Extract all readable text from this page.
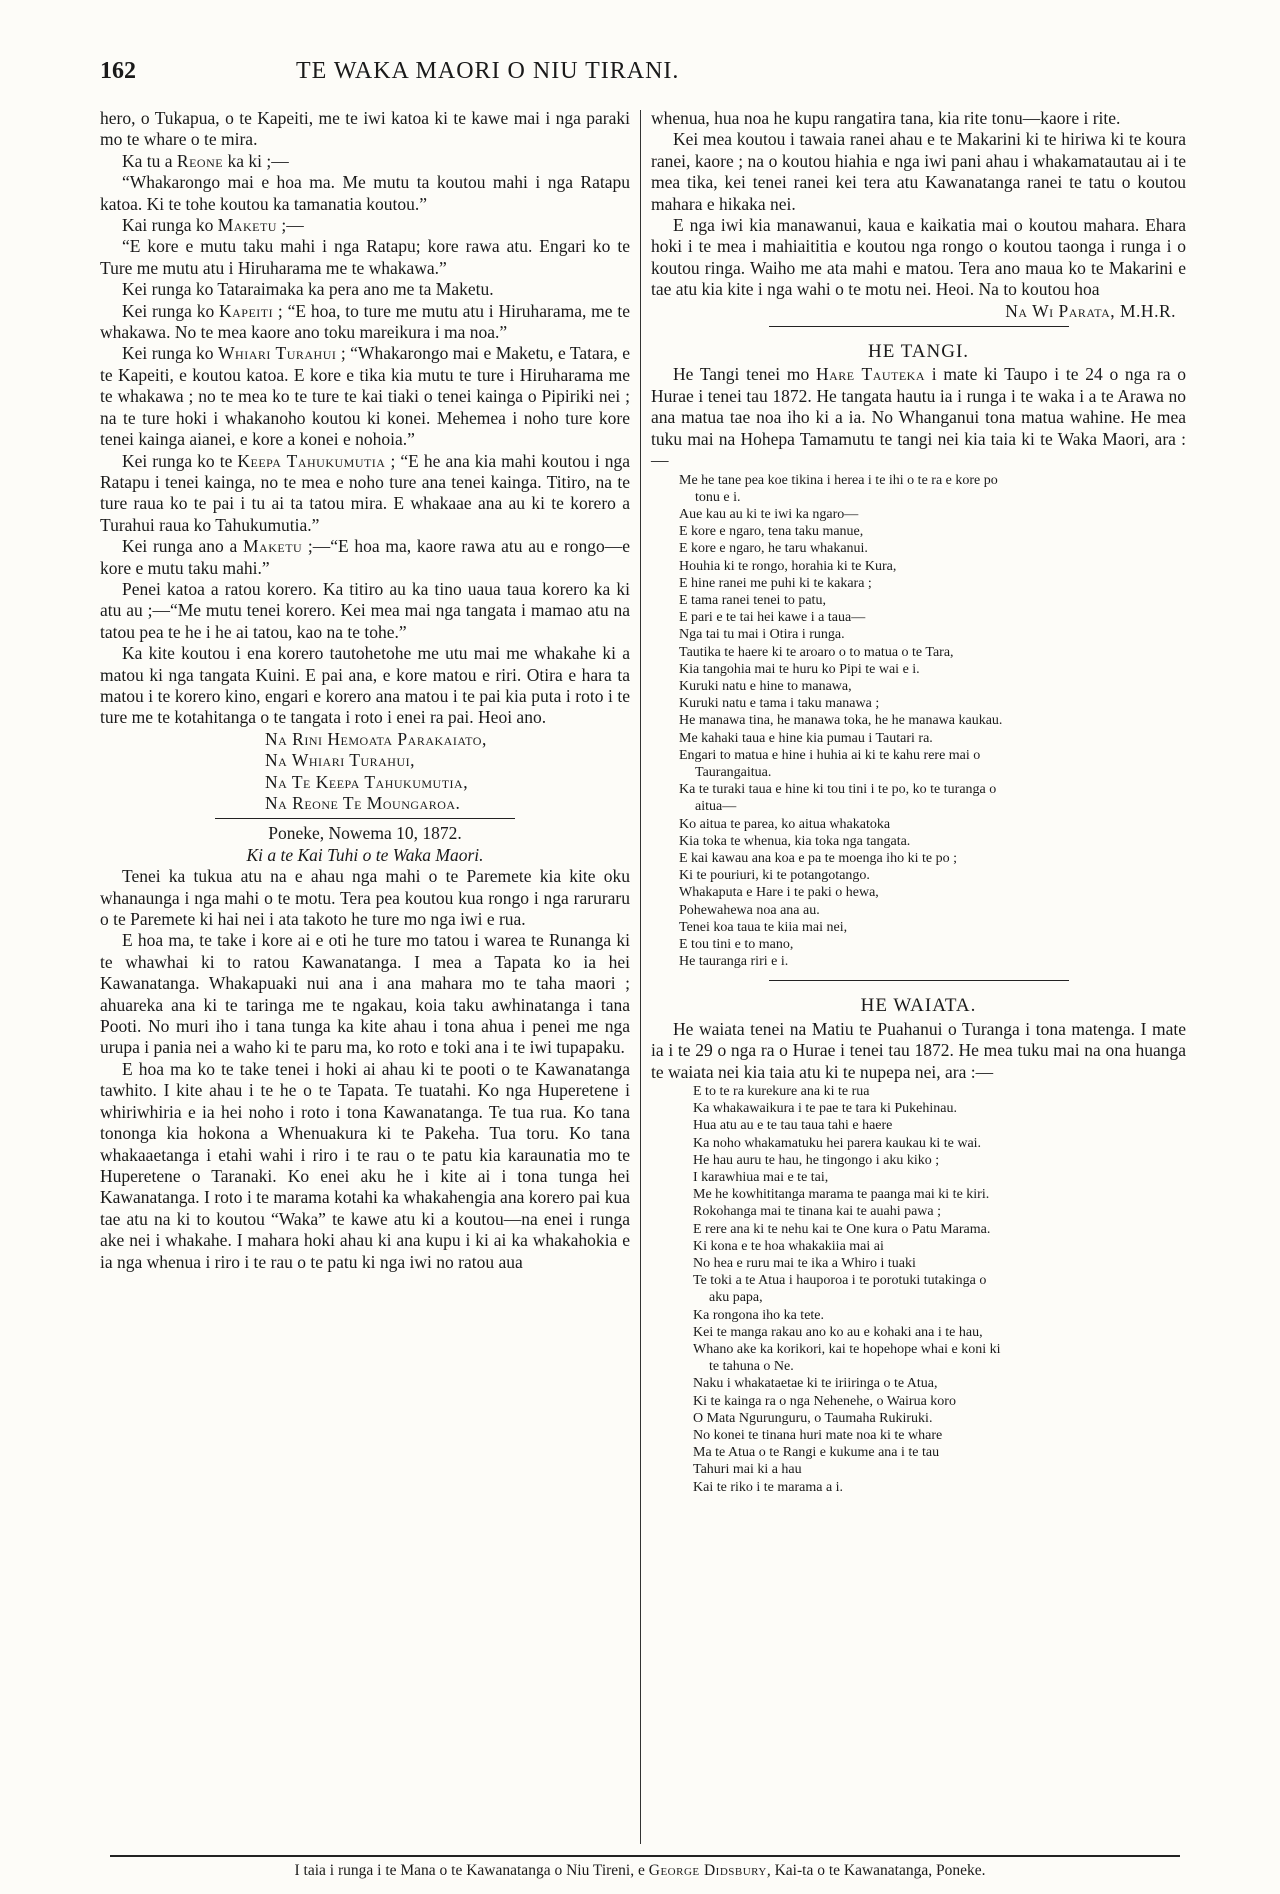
162	TE WAKA MAORI O NIU TIRANI.

hero, o Tukapua, o te Kapeiti, me te iwi katoa ki te kawe mai i nga paraki mo te whare o te mira.

Ka tu a Reone ka ki ;—

“Whakarongo mai e hoa ma. Me mutu ta koutou mahi i nga Ratapu katoa. Ki te tohe koutou ka tamanatia koutou.”

Kai runga ko Maketu ;—

“E kore e mutu taku mahi i nga Ratapu; kore rawa atu. Engari ko te Ture me mutu atu i Hiruharama me te whakawa.”

Kei runga ko Tataraimaka ka pera ano me ta Maketu.

Kei runga ko Kapeiti ; “E hoa, to ture me mutu atu i Hiruharama, me te whakawa. No te mea kaore ano toku mareikura i ma noa.”

Kei runga ko Whiari Turahui ; “Whakarongo mai e Maketu, e Tatara, e te Kapeiti, e koutou katoa. E kore e tika kia mutu te ture i Hiruharama me te whakawa ; no te mea ko te ture te kai tiaki o tenei kainga o Pipiriki nei ; na te ture hoki i whakanoho koutou ki konei. Mehemea i noho ture kore tenei kainga aianei, e kore a konei e nohoia.”

Kei runga ko te Keepa Tahukumutia ; “E he ana kia mahi koutou i nga Ratapu i tenei kainga, no te mea e noho ture ana tenei kainga. Titiro, na te ture raua ko te pai i tu ai ta tatou mira. E whakaae ana au ki te korero a Turahui raua ko Tahukumutia.”

Kei runga ano a Maketu ;—“E hoa ma, kaore rawa atu au e rongo—e kore e mutu taku mahi.”

Penei katoa a ratou korero. Ka titiro au ka tino uaua taua korero ka ki atu au ;—“Me mutu tenei korero. Kei mea mai nga tangata i mamao atu na tatou pea te he i he ai tatou, kao na te tohe.”

Ka kite koutou i ena korero tautohetohe me utu mai me whakahe ki a matou ki nga tangata Kuini. E pai ana, e kore matou e riri. Otira e hara ta matou i te korero kino, engari e korero ana matou i te pai kia puta i roto i te ture me te kotahitanga o te tangata i roto i enei ra pai. Heoi ano.

Na Rini Hemoata Parakaiato,

Na Whiari Turahui,

Na Te Keepa Tahukumutia,

Na Reone Te Moungaroa.

Poneke, Nowema 10, 1872.

Ki a te Kai Tuhi o te Waka Maori.

Tenei ka tukua atu na e ahau nga mahi o te Paremete kia kite oku whanaunga i nga mahi o te motu. Tera pea koutou kua rongo i nga raruraru o te Paremete ki hai nei i ata takoto he ture mo nga iwi e rua.

E hoa ma, te take i kore ai e oti he ture mo tatou i warea te Runanga ki te whawhai ki to ratou Kawanatanga. I mea a Tapata ko ia hei Kawanatanga. Whakapuaki nui ana i ana mahara mo te taha maori ; ahuareka ana ki te taringa me te ngakau, koia taku awhinatanga i tana Pooti. No muri iho i tana tunga ka kite ahau i tona ahua i penei me nga urupa i pania nei a waho ki te paru ma, ko roto e toki ana i te iwi tupapaku.

E hoa ma ko te take tenei i hoki ai ahau ki te pooti o te Kawanatanga tawhito. I kite ahau i te he o te Tapata. Te tuatahi. Ko nga Huperetene i whiriwhiria e ia hei noho i roto i tona Kawanatanga. Te tua rua. Ko tana tononga kia hokona a Whenuakura ki te Pakeha. Tua toru. Ko tana whakaaetanga i etahi wahi i riro i te rau o te patu kia karaunatia mo te Huperetene o Taranaki. Ko enei aku he i kite ai i tona tunga hei Kawanatanga. I roto i te marama kotahi ka whakahengia ana korero pai kua tae atu na ki to koutou “Waka” te kawe atu ki a koutou—na enei i runga ake nei i whakahe. I mahara hoki ahau ki ana kupu i ki ai ka whakahokia e ia nga whenua i riro i te rau o te patu ki nga iwi no ratou aua

whenua, hua noa he kupu rangatira tana, kia rite tonu—kaore i rite.

Kei mea koutou i tawaia ranei ahau e te Makarini ki te hiriwa ki te koura ranei, kaore ; na o koutou hiahia e nga iwi pani ahau i whakamatautau ai i te mea tika, kei tenei ranei kei tera atu Kawanatanga ranei te tatu o koutou mahara e hikaka nei.

E nga iwi kia manawanui, kaua e kaikatia mai o koutou mahara. Ehara hoki i te mea i mahiaititia e koutou nga rongo o koutou taonga i runga i o koutou ringa. Waiho me ata mahi e matou. Tera ano maua ko te Makarini e tae atu kia kite i nga wahi o te motu nei. Heoi. Na to koutou hoa

Na Wi Parata, M.H.R.

HE TANGI.

He Tangi tenei mo Hare Tauteka i mate ki Taupo i te 24 o nga ra o Hurae i tenei tau 1872. He tangata hautu ia i runga i te waka i a te Arawa no ana matua tae noa iho ki a ia. No Whanganui tona matua wahine. He mea tuku mai na Hohepa Tamamutu te tangi nei kia taia ki te Waka Maori, ara :—

Me he tane pea koe tikina i herea i te ihi o te ra e kore po

tonu e i.

Aue kau au ki te iwi ka ngaro—

E kore e ngaro, tena taku manue,

E kore e ngaro, he taru whakanui.

Houhia ki te rongo, horahia ki te Kura,

E hine ranei me puhi ki te kakara ;

E tama ranei tenei to patu,

E pari e te tai hei kawe i a taua—

Nga tai tu mai i Otira i runga.

Tautika te haere ki te aroaro o to matua o te Tara,

Kia tangohia mai te huru ko Pipi te wai e i.

Kuruki natu e hine to manawa,

Kuruki natu e tama i taku manawa ;

He manawa tina, he manawa toka, he he manawa kaukau.

Me kahaki taua e hine kia pumau i Tautari ra.

Engari to matua e hine i huhia ai ki te kahu rere mai o

Taurangaitua.

Ka te turaki taua e hine ki tou tini i te po, ko te turanga o

aitua—

Ko aitua te parea, ko aitua whakatoka

Kia toka te whenua, kia toka nga tangata.

E kai kawau ana koa e pa te moenga iho ki te po ;

Ki te pouriuri, ki te potangotango.

Whakaputa e Hare i te paki o hewa,

Pohewahewa noa ana au.

Tenei koa taua te kiia mai nei,

E tou tini e to mano,

He tauranga riri e i.

HE WAIATA.

He waiata tenei na Matiu te Puahanui o Turanga i tona matenga. I mate ia i te 29 o nga ra o Hurae i tenei tau 1872. He mea tuku mai na ona huanga te waiata nei kia taia atu ki te nupepa nei, ara :—

E to te ra kurekure ana ki te rua

Ka whakawaikura i te pae te tara ki Pukehinau.

Hua atu au e te tau taua tahi e haere

Ka noho whakamatuku hei parera kaukau ki te wai.

He hau auru te hau, he tingongo i aku kiko ;

I karawhiua mai e te tai,

Me he kowhititanga marama te paanga mai ki te kiri.

Rokohanga mai te tinana kai te auahi pawa ;

E rere ana ki te nehu kai te One kura o Patu Marama.

Ki kona e te hoa whakakiia mai ai

No hea e ruru mai te ika a Whiro i tuaki

Te toki a te Atua i hauporoa i te porotuki tutakinga o

aku papa,

Ka rongona iho ka tete.

Kei te manga rakau ano ko au e kohaki ana i te hau,

Whano ake ka korikori, kai te hopehope whai e koni ki

te tahuna o Ne.

Naku i whakataetae ki te iriiringa o te Atua,

Ki te kainga ra o nga Nehenehe, o Wairua koro

O Mata Ngurunguru, o Taumaha Rukiruki.

No konei te tinana huri mate noa ki te whare

Ma te Atua o te Rangi e kukume ana i te tau

Tahuri mai ki a hau

Kai te riko i te marama a i.

I taia i runga i te Mana o te Kawanatanga o Niu Tireni, e George Didsbury, Kai-ta o te Kawanatanga, Poneke.
